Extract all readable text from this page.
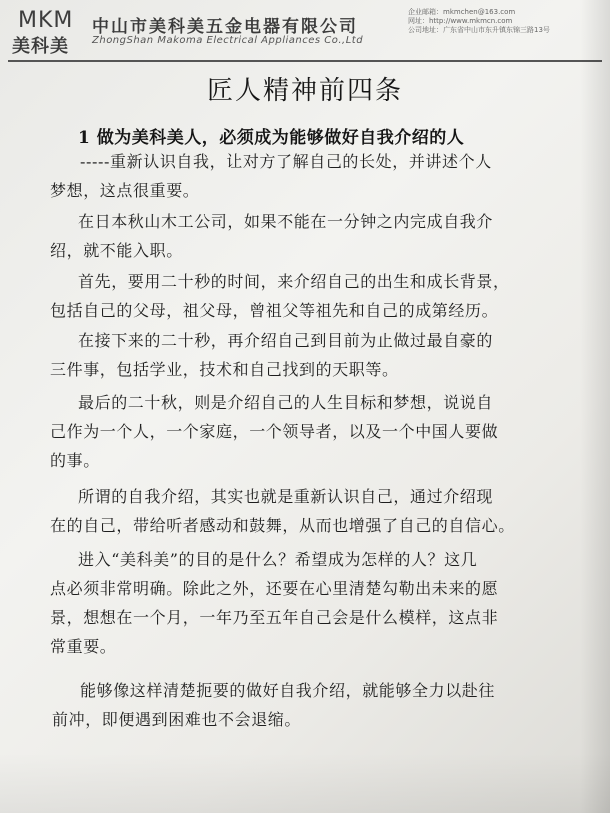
MKM
美科美
中山市美科美五金电器有限公司
ZhongShan Makoma Electrical Appliances Co.,Ltd
企业邮箱：mkmchen@163.com
网址：http://www.mkmcn.com
公司地址：广东省中山市东升镇东锦三路13号
匠人精神前四条
1 做为美科美人，必须成为能够做好自我介绍的人
-----重新认识自我，让对方了解自己的长处，并讲述个人
梦想，这点很重要。
在日本秋山木工公司，如果不能在一分钟之内完成自我介
绍，就不能入职。
首先，要用二十秒的时间，来介绍自己的出生和成长背景，
包括自己的父母，祖父母，曾祖父等祖先和自己的成第经历。
在接下来的二十秒，再介绍自己到目前为止做过最自豪的
三件事，包括学业，技术和自己找到的天职等。
最后的二十秋，则是介绍自己的人生目标和梦想，说说自
己作为一个人，一个家庭，一个领导者，以及一个中国人要做
的事。
所谓的自我介绍，其实也就是重新认识自己，通过介绍现
在的自己，带给听者感动和鼓舞，从而也增强了自己的自信心。
进入“美科美”的目的是什么？希望成为怎样的人？这几
点必须非常明确。除此之外，还要在心里清楚勾勒出未来的愿
景，想想在一个月，一年乃至五年自己会是什么模样，这点非
常重要。
能够像这样清楚扼要的做好自我介绍，就能够全力以赴往
前冲，即便遇到困难也不会退缩。
